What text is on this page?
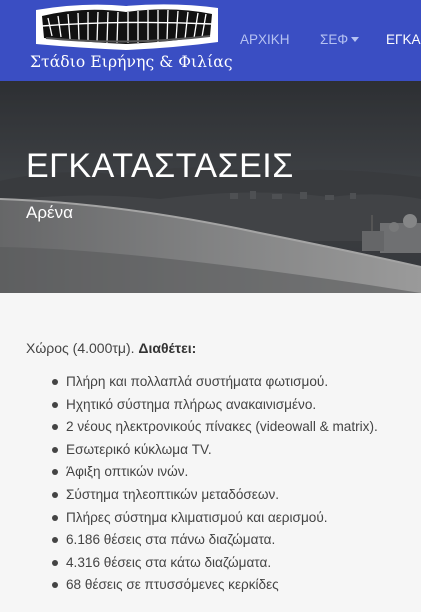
Στάδιο Ειρήνης & Φιλίας
ΑΡΧΙΚΗ ΣΕΦ	ΕΓΚΑ
ΕΓΚΑΤΑΣΤΑΣΕΙΣ
Αρένα
Χώρος (4.000τμ). Διαθέτει:
Πλήρη και πολλαπλά συστήματα φωτισμού.
Ηχητικό σύστημα πλήρως ανακαινισμένο.
2 νέους ηλεκτρονικούς πίνακες (videowall & matrix).
Εσωτερικό κύκλωμα TV.
Άφιξη οπτικών ινών.
Σύστημα τηλεοπτικών μεταδόσεων.
Πλήρες σύστημα κλιματισμού και αερισμού.
6.186 θέσεις στα πάνω διαζώματα.
4.316 θέσεις στα κάτω διαζώματα.
68 θέσεις σε πτυσσόμενες κερκίδες
